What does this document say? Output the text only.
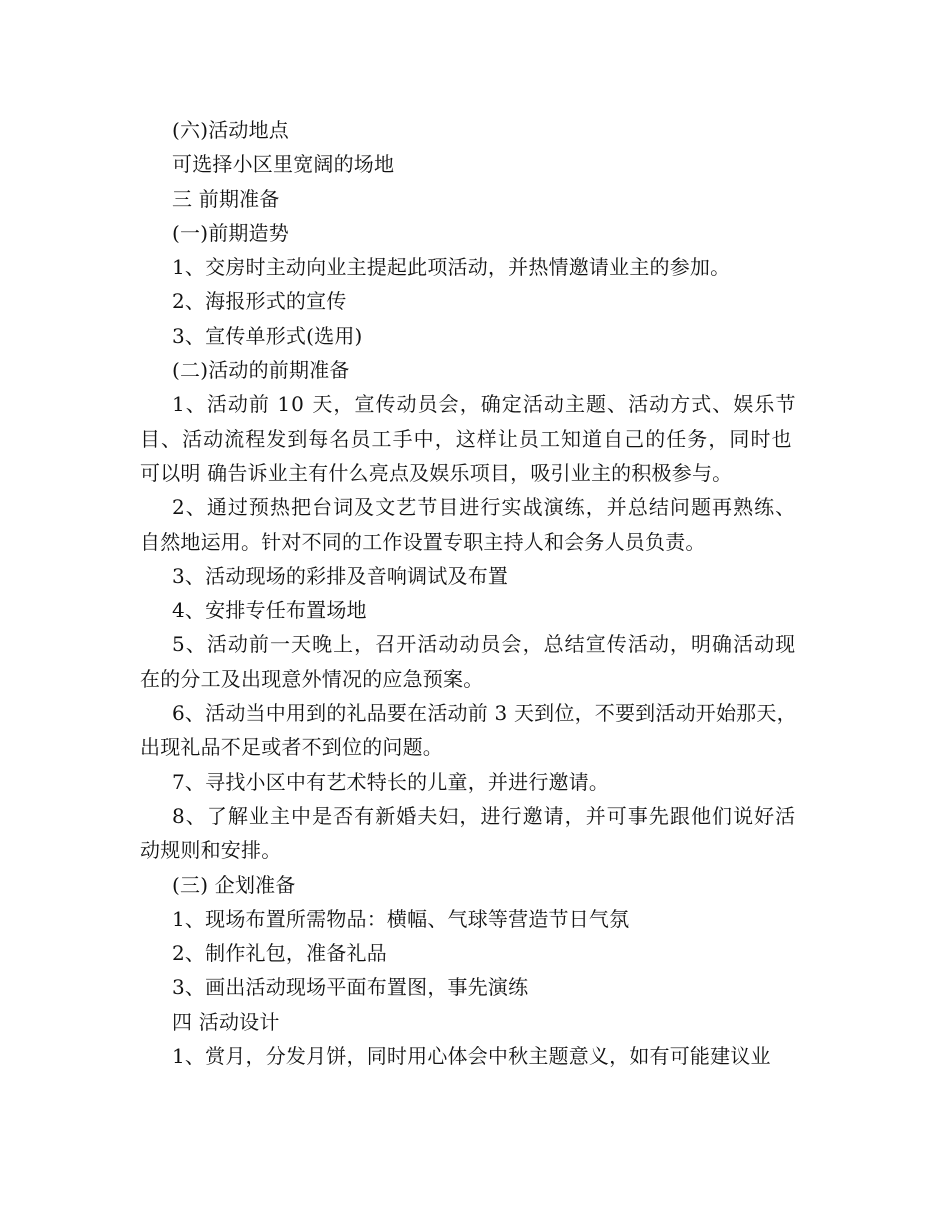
(六)活动地点
可选择小区里宽阔的场地
三 前期准备
(一)前期造势
1、交房时主动向业主提起此项活动，并热情邀请业主的参加。
2、海报形式的宣传
3、宣传单形式(选用)
(二)活动的前期准备
1、活动前 10 天，宣传动员会，确定活动主题、活动方式、娱乐节
目、活动流程发到每名员工手中，这样让员工知道自己的任务，同时也
可以明 确告诉业主有什么亮点及娱乐项目，吸引业主的积极参与。
2、通过预热把台词及文艺节目进行实战演练，并总结问题再熟练、
自然地运用。针对不同的工作设置专职主持人和会务人员负责。
3、活动现场的彩排及音响调试及布置
4、安排专任布置场地
5、活动前一天晚上，召开活动动员会，总结宣传活动，明确活动现
在的分工及出现意外情况的应急预案。
6、活动当中用到的礼品要在活动前 3 天到位，不要到活动开始那天，
出现礼品不足或者不到位的问题。
7、寻找小区中有艺术特长的儿童，并进行邀请。
8、了解业主中是否有新婚夫妇，进行邀请，并可事先跟他们说好活
动规则和安排。
(三) 企划准备
1、现场布置所需物品：横幅、气球等营造节日气氛
2、制作礼包，准备礼品
3、画出活动现场平面布置图，事先演练
四 活动设计
1、赏月，分发月饼，同时用心体会中秋主题意义，如有可能建议业
